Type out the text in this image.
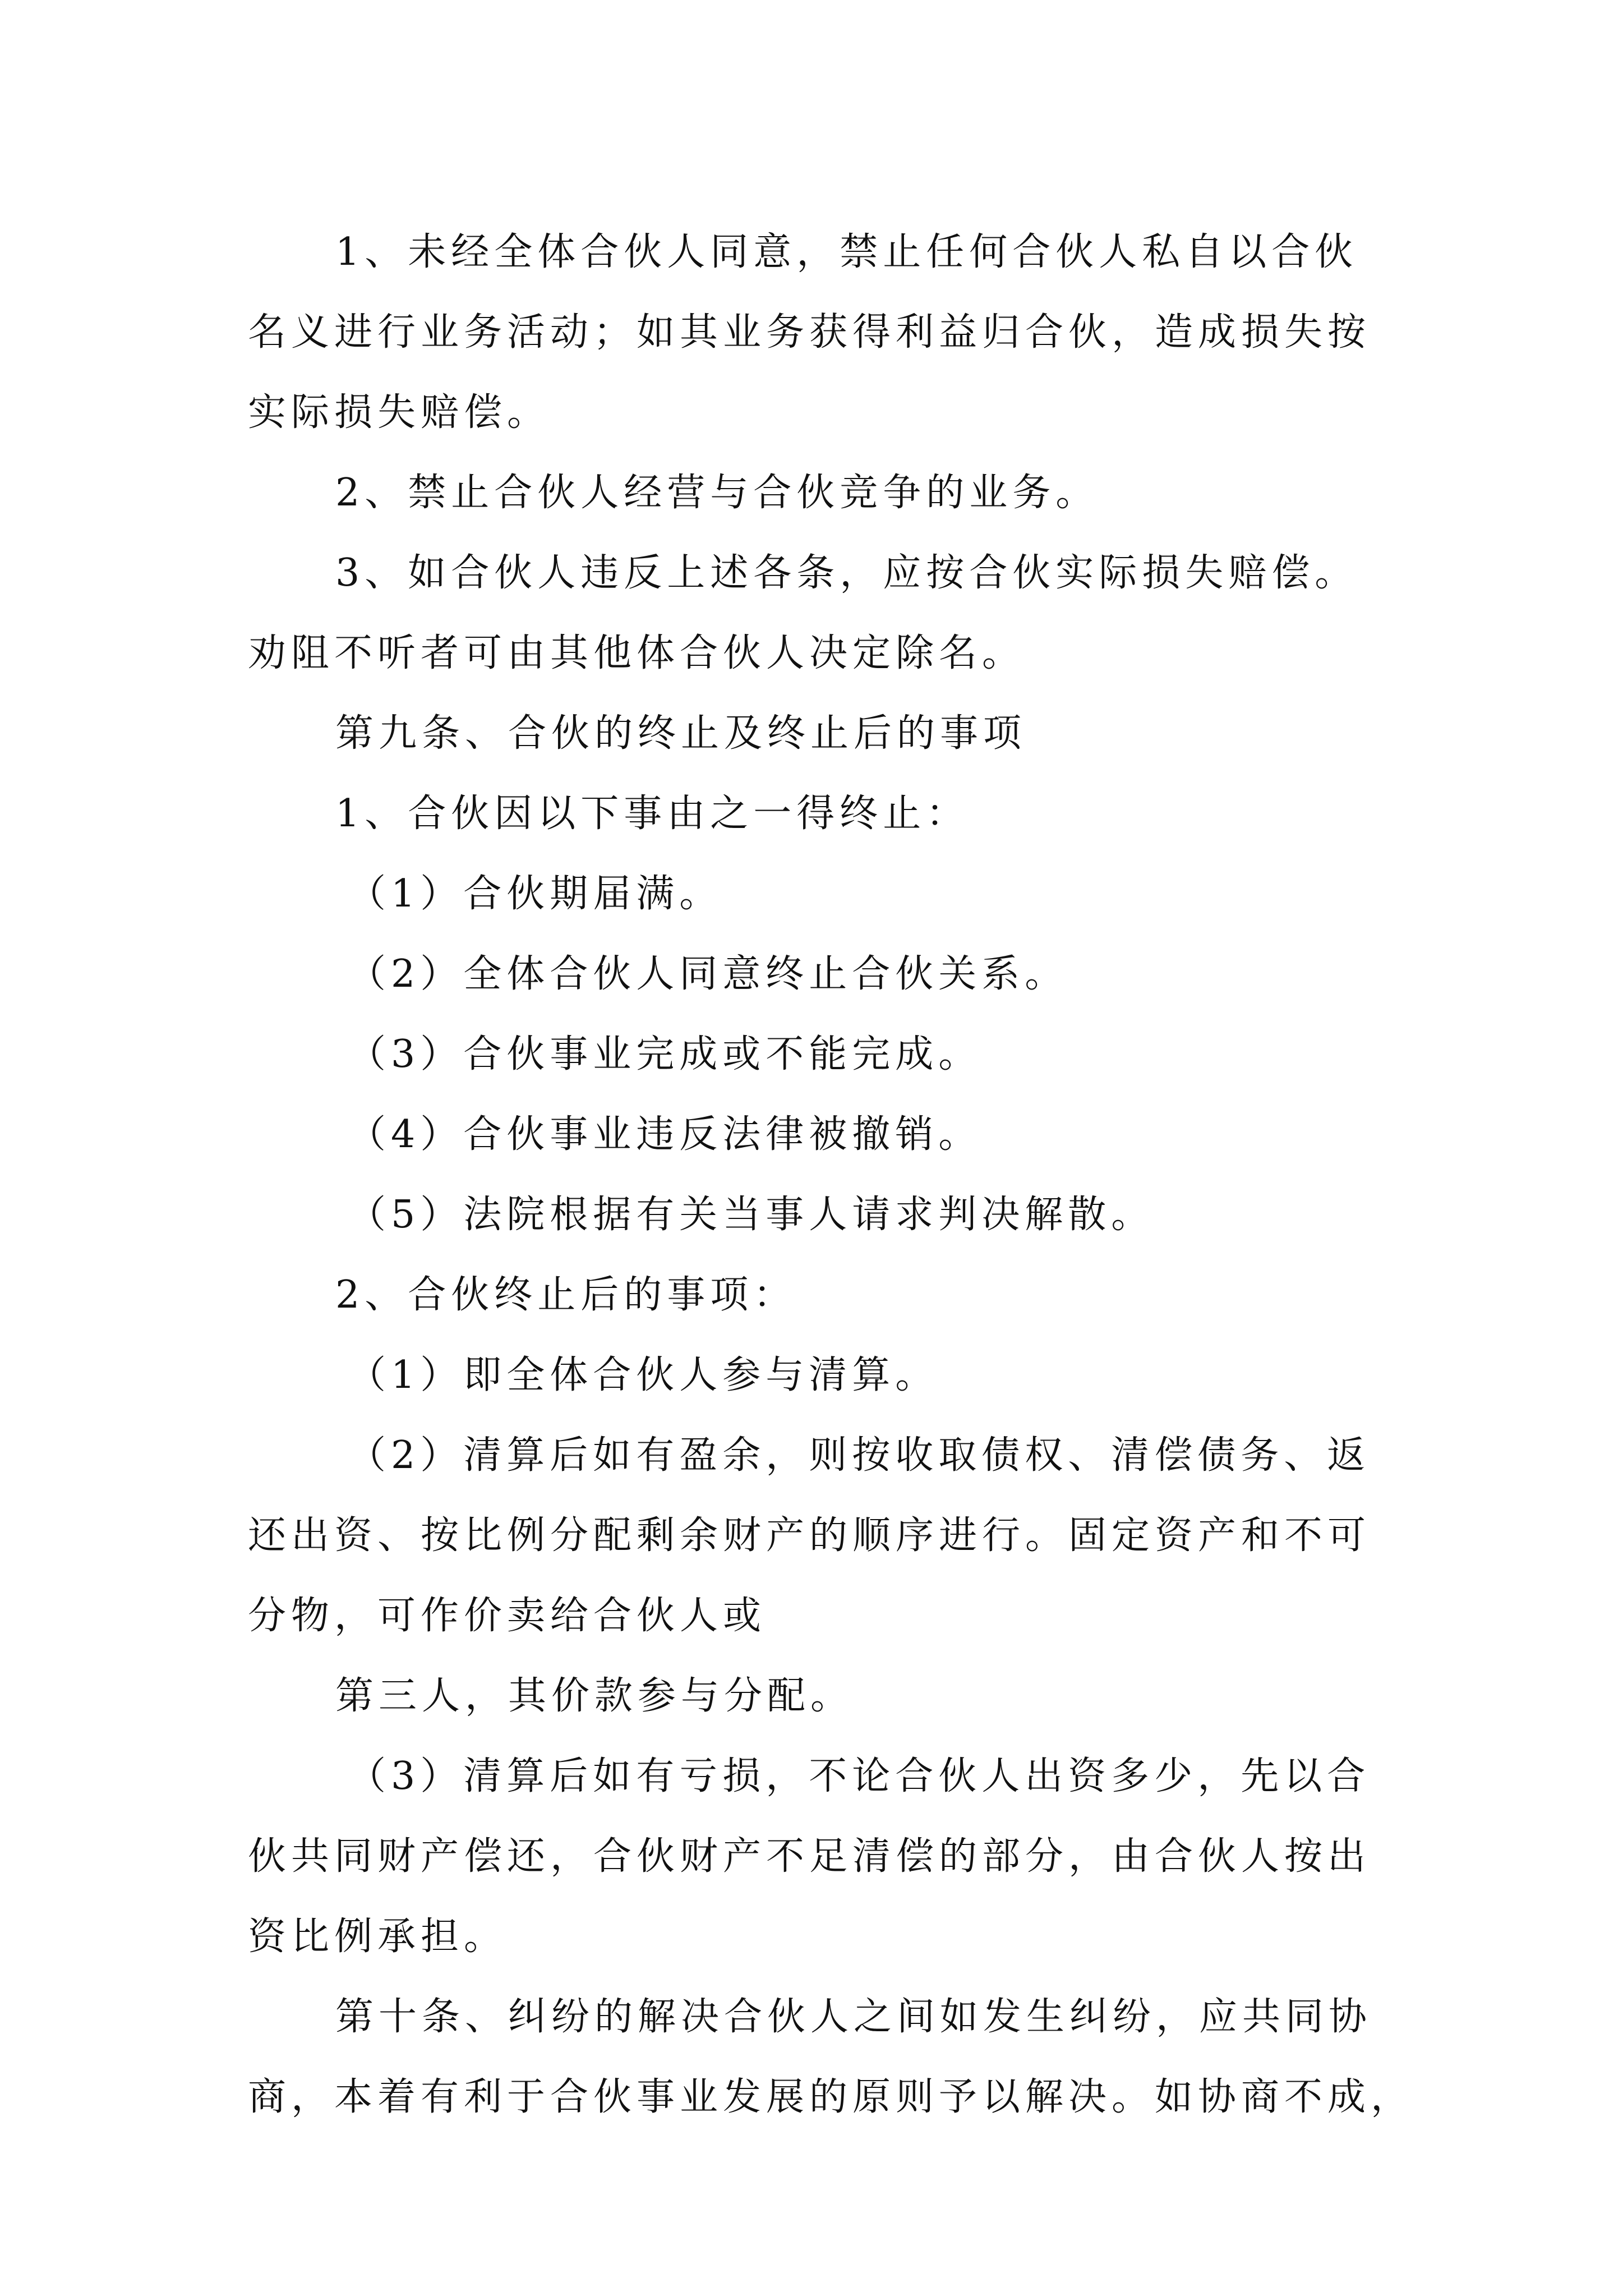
1、未经全体合伙人同意，禁止任何合伙人私自以合伙
名义进行业务活动；如其业务获得利益归合伙，造成损失按
实际损失赔偿。
2、禁止合伙人经营与合伙竞争的业务。
3、如合伙人违反上述各条，应按合伙实际损失赔偿。
劝阻不听者可由其他体合伙人决定除名。
第九条、合伙的终止及终止后的事项
1、合伙因以下事由之一得终止：
（1）合伙期届满。
（2）全体合伙人同意终止合伙关系。
（3）合伙事业完成或不能完成。
（4）合伙事业违反法律被撤销。
（5）法院根据有关当事人请求判决解散。
2、合伙终止后的事项：
（1）即全体合伙人参与清算。
（2）清算后如有盈余，则按收取债权、清偿债务、返
还出资、按比例分配剩余财产的顺序进行。固定资产和不可
分物，可作价卖给合伙人或
第三人，其价款参与分配。
（3）清算后如有亏损，不论合伙人出资多少，先以合
伙共同财产偿还，合伙财产不足清偿的部分，由合伙人按出
资比例承担。
第十条、纠纷的解决合伙人之间如发生纠纷，应共同协
商，本着有利于合伙事业发展的原则予以解决。如协商不成，
